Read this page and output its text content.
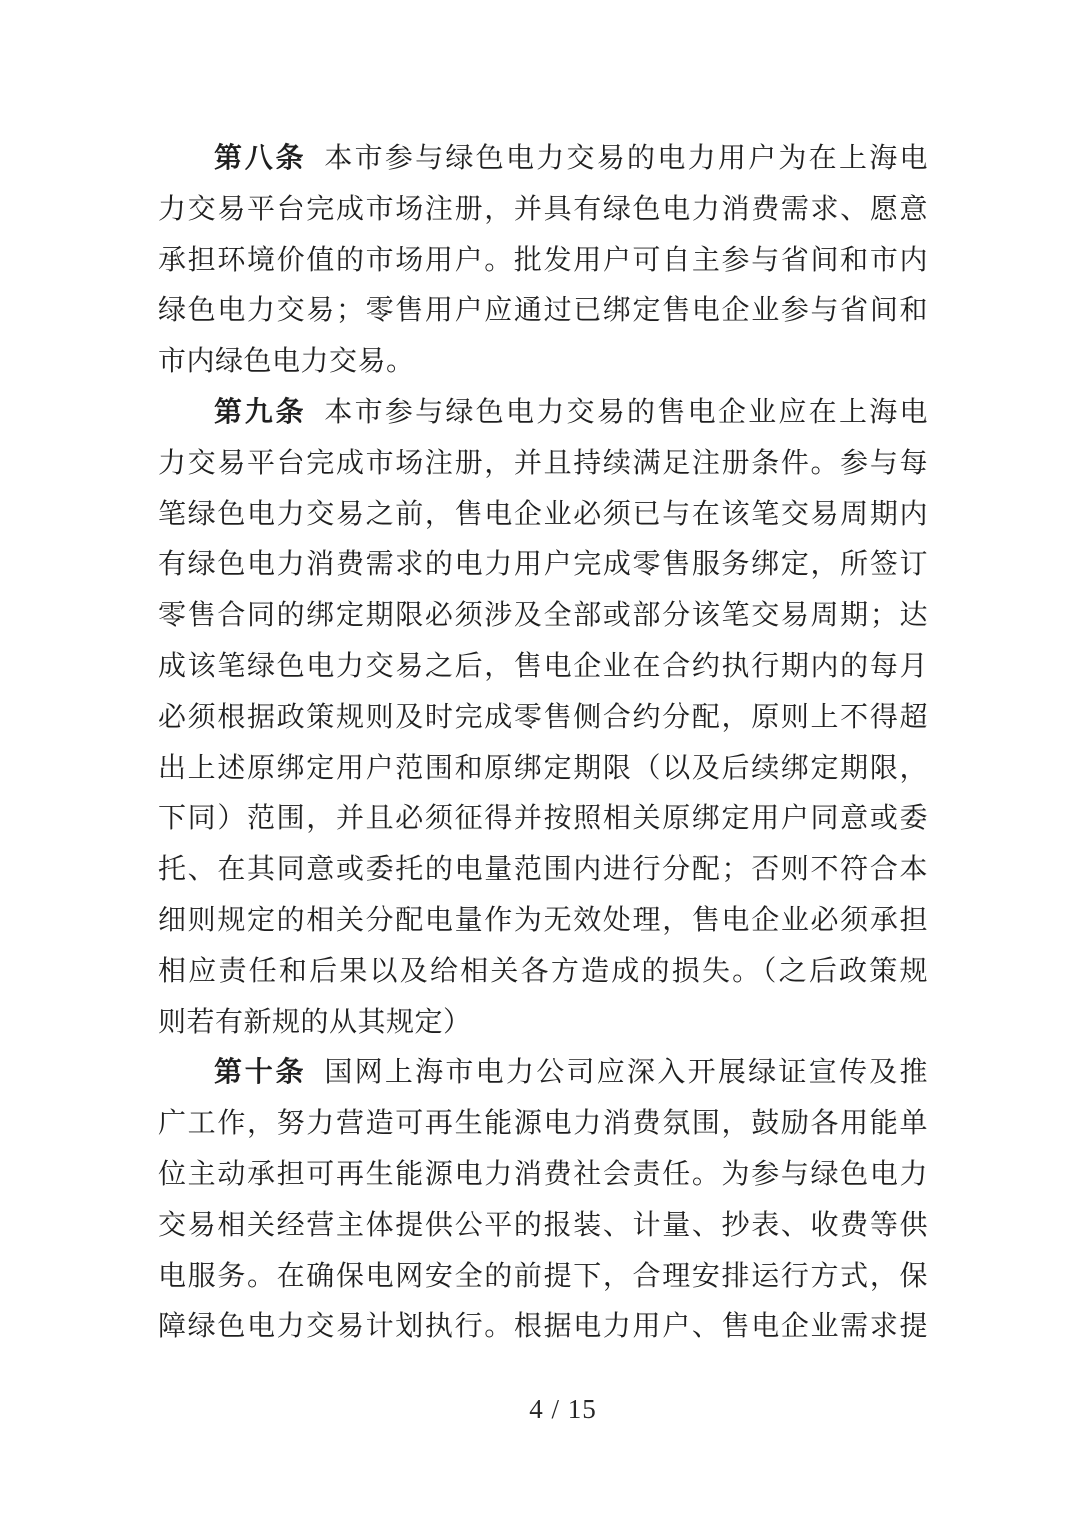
第八条 本市参与绿色电力交易的电力用户为在上海电
力交易平台完成市场注册，并具有绿色电力消费需求、愿意
承担环境价值的市场用户。批发用户可自主参与省间和市内
绿色电力交易；零售用户应通过已绑定售电企业参与省间和
市内绿色电力交易。
第九条 本市参与绿色电力交易的售电企业应在上海电
力交易平台完成市场注册，并且持续满足注册条件。参与每
笔绿色电力交易之前，售电企业必须已与在该笔交易周期内
有绿色电力消费需求的电力用户完成零售服务绑定，所签订
零售合同的绑定期限必须涉及全部或部分该笔交易周期；达
成该笔绿色电力交易之后，售电企业在合约执行期内的每月
必须根据政策规则及时完成零售侧合约分配，原则上不得超
出上述原绑定用户范围和原绑定期限（以及后续绑定期限，
下同）范围，并且必须征得并按照相关原绑定用户同意或委
托、在其同意或委托的电量范围内进行分配；否则不符合本
细则规定的相关分配电量作为无效处理，售电企业必须承担
相应责任和后果以及给相关各方造成的损失。（之后政策规
则若有新规的从其规定）
第十条 国网上海市电力公司应深入开展绿证宣传及推
广工作，努力营造可再生能源电力消费氛围，鼓励各用能单
位主动承担可再生能源电力消费社会责任。为参与绿色电力
交易相关经营主体提供公平的报装、计量、抄表、收费等供
电服务。在确保电网安全的前提下，合理安排运行方式，保
障绿色电力交易计划执行。根据电力用户、售电企业需求提
4 / 15
